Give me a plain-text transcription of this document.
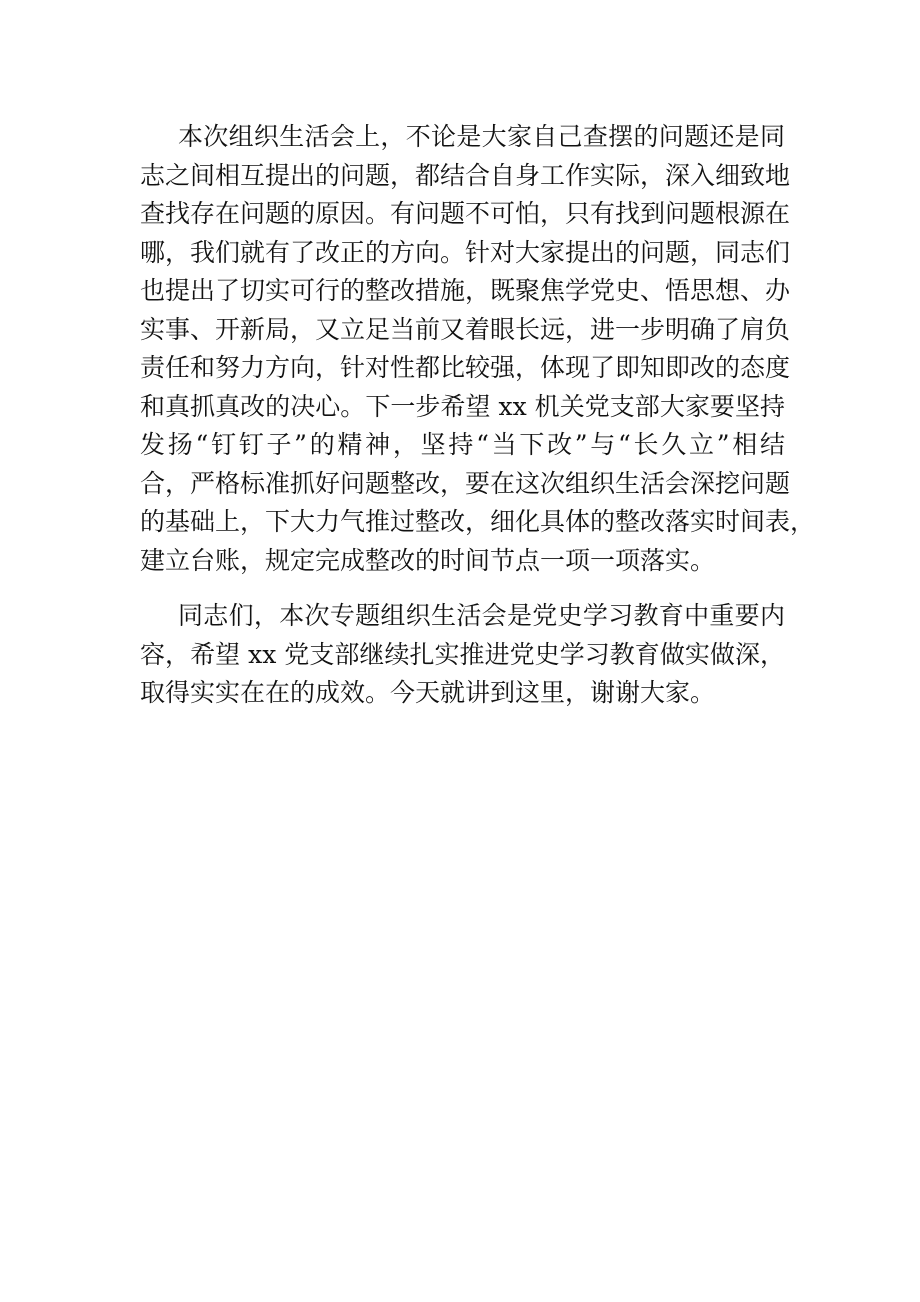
本次组织生活会上，不论是大家自己查摆的问题还是同
志之间相互提出的问题，都结合自身工作实际，深入细致地
查找存在问题的原因。有问题不可怕，只有找到问题根源在
哪，我们就有了改正的方向。针对大家提出的问题，同志们
也提出了切实可行的整改措施，既聚焦学党史、悟思想、办
实事、开新局，又立足当前又着眼长远，进一步明确了肩负
责任和努力方向，针对性都比较强，体现了即知即改的态度
和真抓真改的决心。下一步希望 xx 机关党支部大家要坚持
发扬“钉钉子”的精神，坚持“当下改”与“长久立”相结
合，严格标准抓好问题整改，要在这次组织生活会深挖问题
的基础上，下大力气推过整改，细化具体的整改落实时间表，
建立台账，规定完成整改的时间节点一项一项落实。
同志们，本次专题组织生活会是党史学习教育中重要内
容，希望 xx 党支部继续扎实推进党史学习教育做实做深，
取得实实在在的成效。今天就讲到这里，谢谢大家。
